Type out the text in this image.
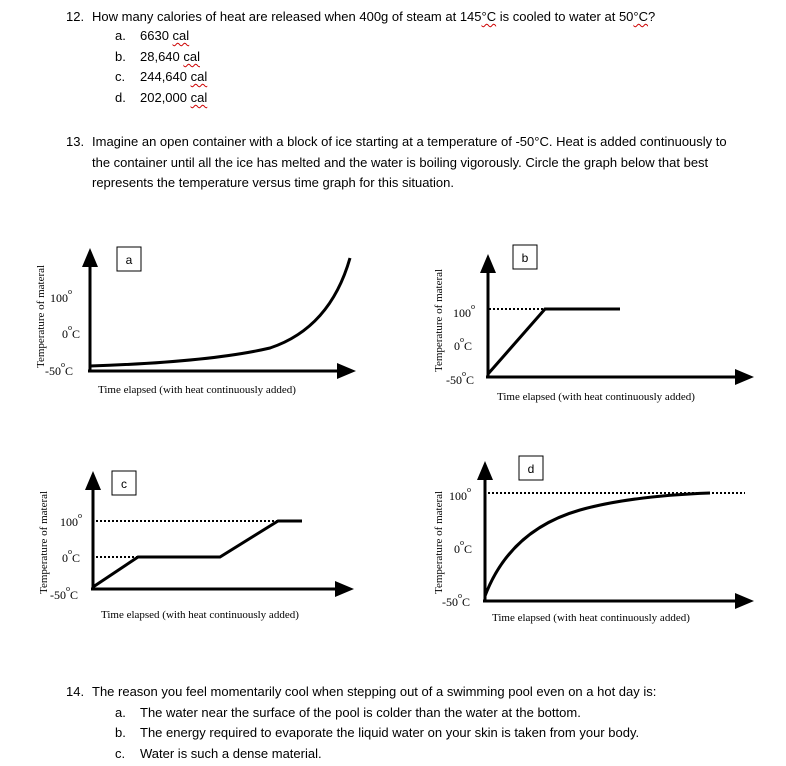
12. How many calories of heat are released when 400g of steam at 145°C is cooled to water at 50°C?
a. 6630 cal
b. 28,640 cal
c. 244,640 cal
d. 202,000 cal
13. Imagine an open container with a block of ice starting at a temperature of -50°C. Heat is added continuously to
the container until all the ice has melted and the water is boiling vigorously. Circle the graph below that best
represents the temperature versus time graph for this situation.
Temperature of materal
a
100$^o$
0$^o$C
-50$^o$C
Time elapsed (with heat continuously added)
Temperature of materal
b
100$^o$
0$^o$C
-50$^o$C
Time elapsed (with heat continuously added)
Temperature of materal
c
100$^o$
0$^o$C
-50$^o$C
Time elapsed (with heat continuously added)
Temperature of materal
d
100$^o$
0$^o$C
-50$^o$C
Time elapsed (with heat continuously added)
14. The reason you feel momentarily cool when stepping out of a swimming pool even on a hot day is:
a. The water near the surface of the pool is colder than the water at the bottom.
b. The energy required to evaporate the liquid water on your skin is taken from your body.
c. Water is such a dense material.
